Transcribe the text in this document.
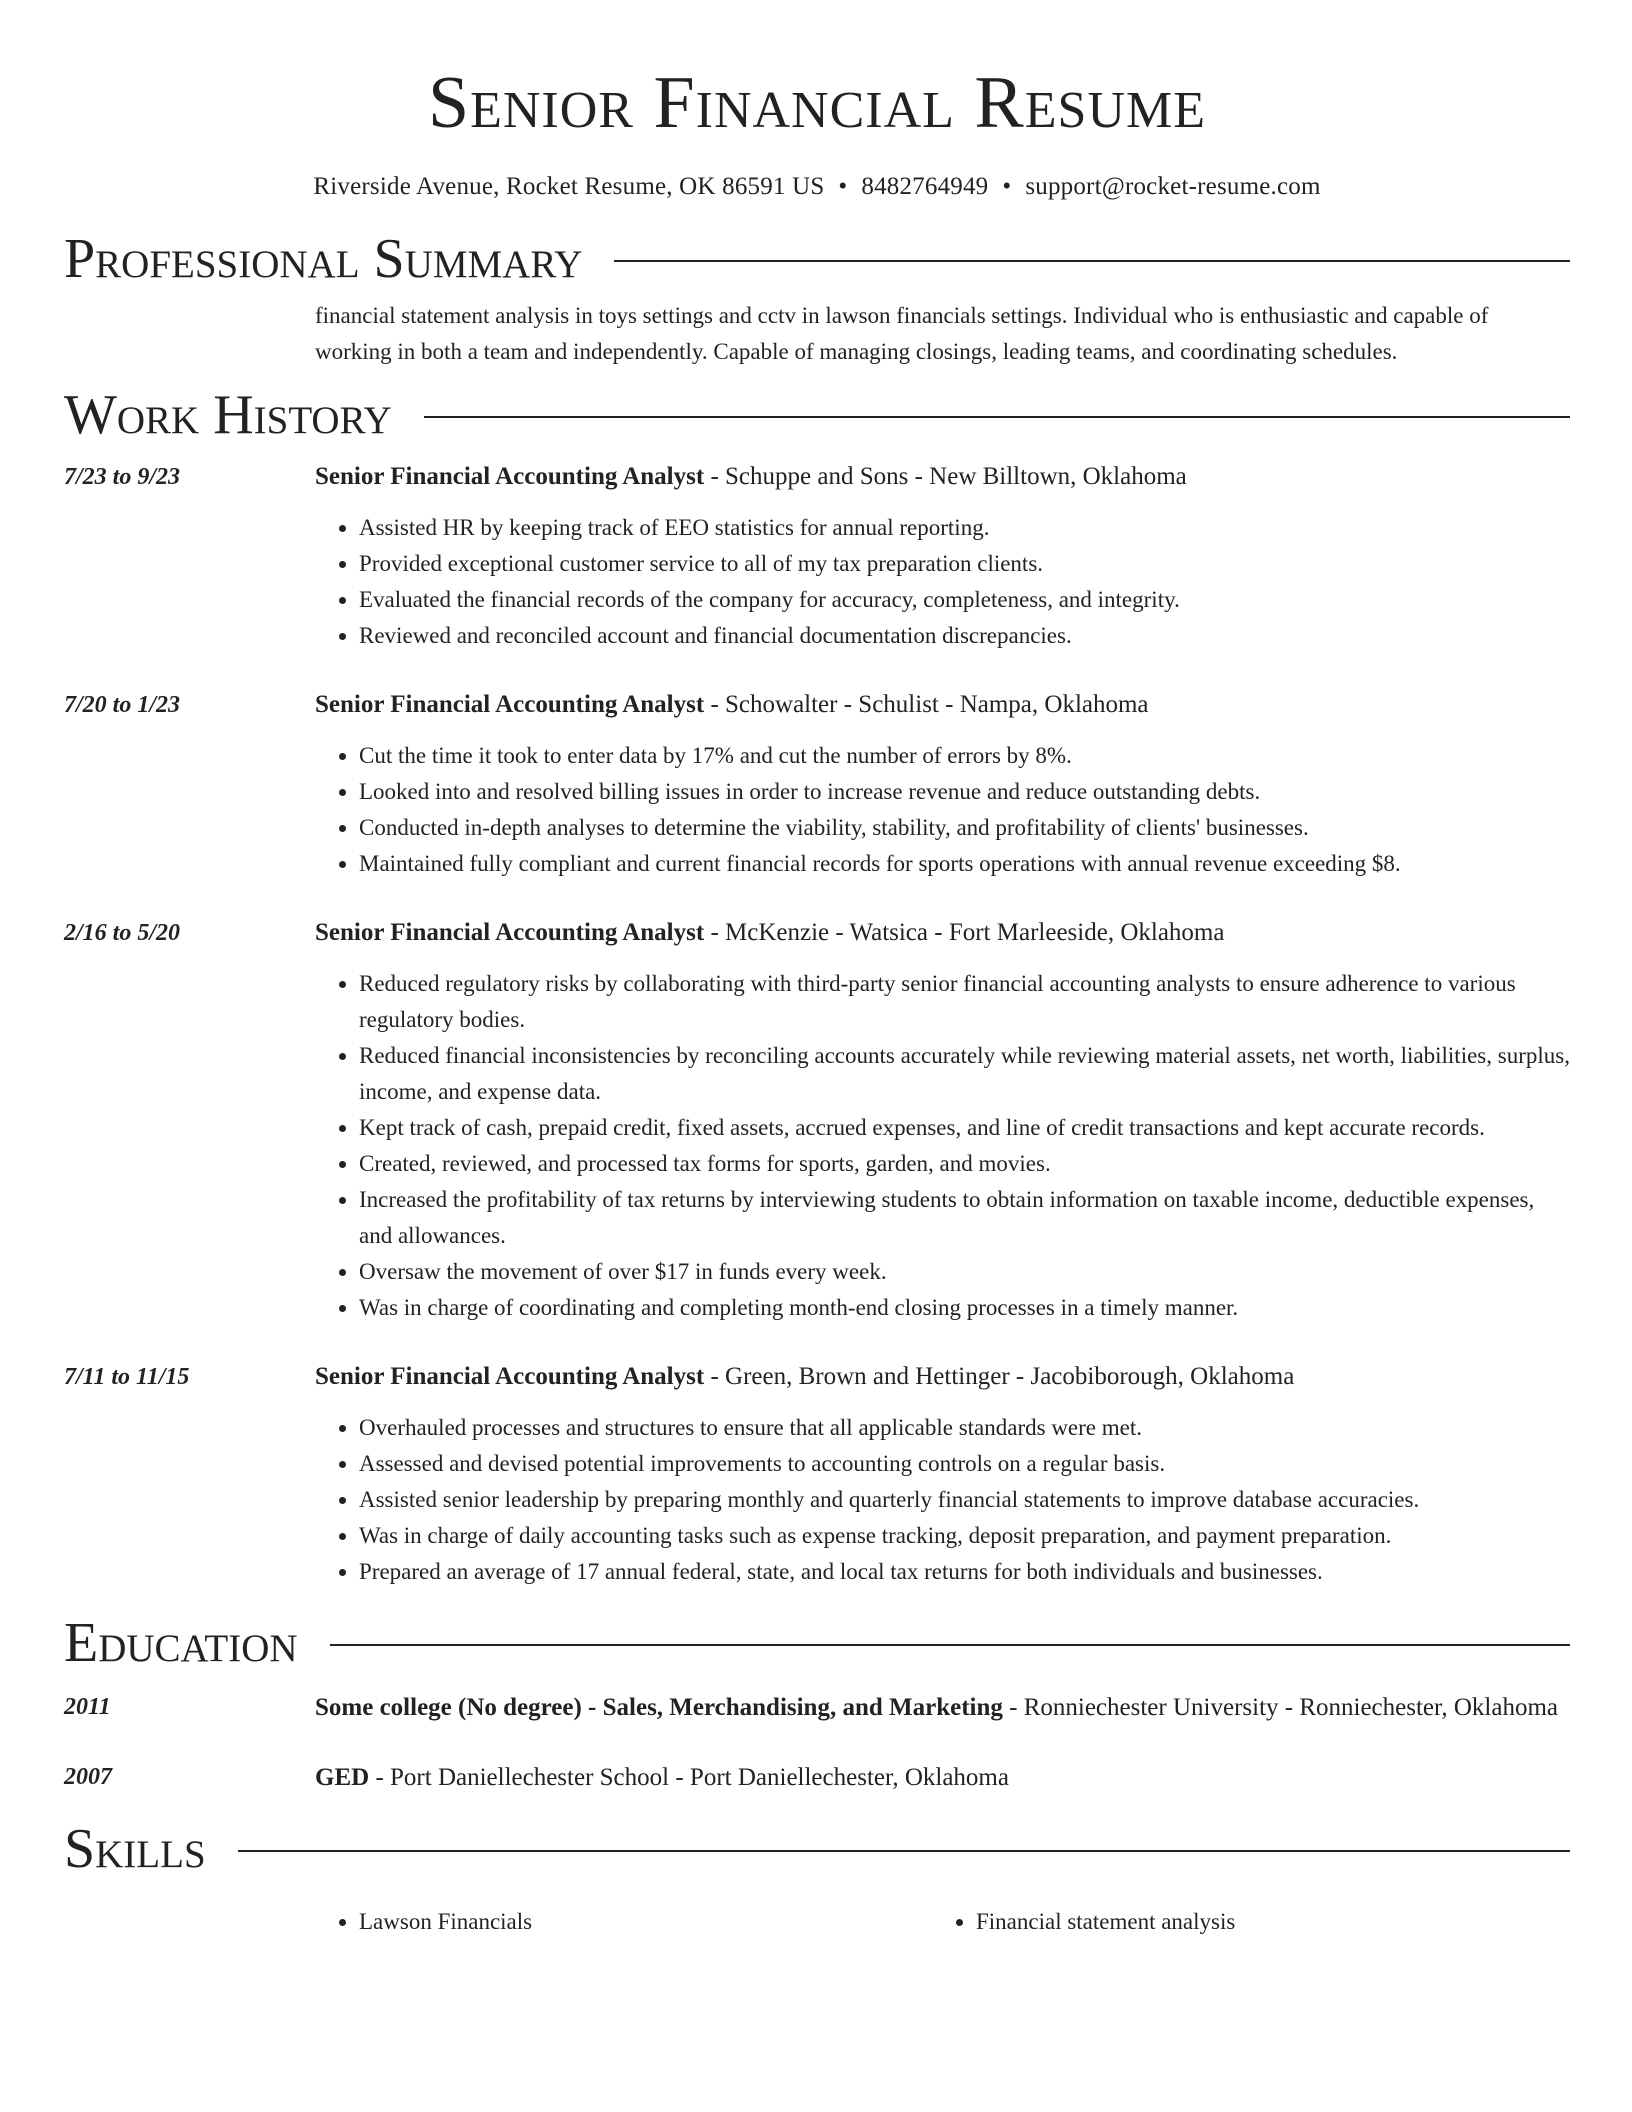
Senior Financial Resume
Riverside Avenue, Rocket Resume, OK 86591 US • 8482764949 • support@rocket-resume.com
Professional Summary
financial statement analysis in toys settings and cctv in lawson financials settings. Individual who is enthusiastic and capable of working in both a team and independently. Capable of managing closings, leading teams, and coordinating schedules.
Work History
7/23 to 9/23	Senior Financial Accounting Analyst - Schuppe and Sons - New Billtown, Oklahoma
• Assisted HR by keeping track of EEO statistics for annual reporting.
• Provided exceptional customer service to all of my tax preparation clients.
• Evaluated the financial records of the company for accuracy, completeness, and integrity.
• Reviewed and reconciled account and financial documentation discrepancies.
7/20 to 1/23	Senior Financial Accounting Analyst - Schowalter - Schulist - Nampa, Oklahoma
• Cut the time it took to enter data by 17% and cut the number of errors by 8%.
• Looked into and resolved billing issues in order to increase revenue and reduce outstanding debts.
• Conducted in-depth analyses to determine the viability, stability, and profitability of clients' businesses.
• Maintained fully compliant and current financial records for sports operations with annual revenue exceeding $8.
2/16 to 5/20	Senior Financial Accounting Analyst - McKenzie - Watsica - Fort Marleeside, Oklahoma
• Reduced regulatory risks by collaborating with third-party senior financial accounting analysts to ensure adherence to various regulatory bodies.
• Reduced financial inconsistencies by reconciling accounts accurately while reviewing material assets, net worth, liabilities, surplus, income, and expense data.
• Kept track of cash, prepaid credit, fixed assets, accrued expenses, and line of credit transactions and kept accurate records.
• Created, reviewed, and processed tax forms for sports, garden, and movies.
• Increased the profitability of tax returns by interviewing students to obtain information on taxable income, deductible expenses, and allowances.
• Oversaw the movement of over $17 in funds every week.
• Was in charge of coordinating and completing month-end closing processes in a timely manner.
7/11 to 11/15	Senior Financial Accounting Analyst - Green, Brown and Hettinger - Jacobiborough, Oklahoma
• Overhauled processes and structures to ensure that all applicable standards were met.
• Assessed and devised potential improvements to accounting controls on a regular basis.
• Assisted senior leadership by preparing monthly and quarterly financial statements to improve database accuracies.
• Was in charge of daily accounting tasks such as expense tracking, deposit preparation, and payment preparation.
• Prepared an average of 17 annual federal, state, and local tax returns for both individuals and businesses.
Education
2011	Some college (No degree) - Sales, Merchandising, and Marketing - Ronniechester University - Ronniechester, Oklahoma
2007	GED - Port Daniellechester School - Port Daniellechester, Oklahoma
Skills
• Lawson Financials
•	Financial statement analysis
